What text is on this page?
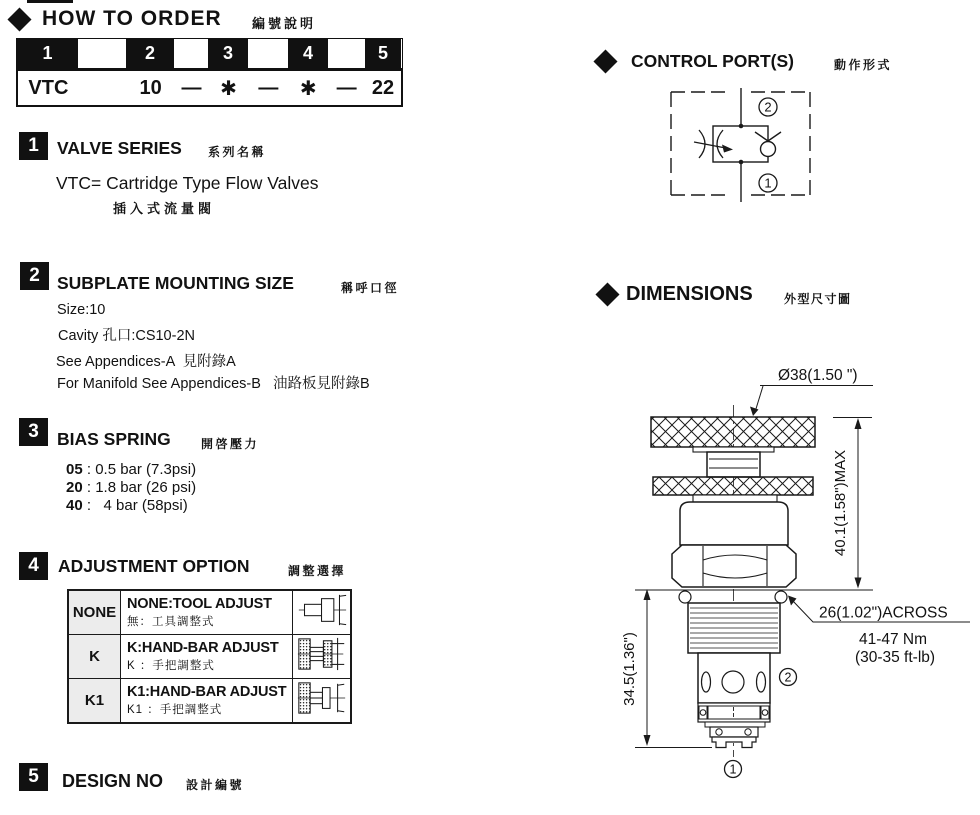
HOW TO ORDER 編號說明
1	2	3	4	5
VTC	10 — ✱	—	✱	— 22
1	VALVE SERIES 系列名稱
VTC= Cartridge Type Flow Valves
插入式流量閥
2 SUBPLATE MOUNTING SIZE	稱呼口徑
Size:10
Cavity 孔口:CS10-2N
See Appendices-A  見附錄A
For Manifold See Appendices-B   油路板見附錄B
3	BIAS SPRING	開啓壓力
05 : 0.5 bar (7.3psi)
20 : 1.8 bar (26 psi)
40 :   4 bar (58psi)
4	ADJUSTMENT OPTION	調整選擇
NONE	NONE:TOOL ADJUST
無：工具調整式

K	K:HAND-BAR ADJUST
K ：手把調整式

K1	K1:HAND-BAR ADJUST
K1 ：手把調整式

5	DESIGN NO 設計編號
CONTROL PORT(S)	動作形式
2
1
DIMENSIONS	外型尺寸圖
Ø38(1.50 ")
40.1(1.58")MAX
26(1.02")ACROSS
41-47 Nm
(30-35 ft-lb)
34.5(1.36")	2
1
